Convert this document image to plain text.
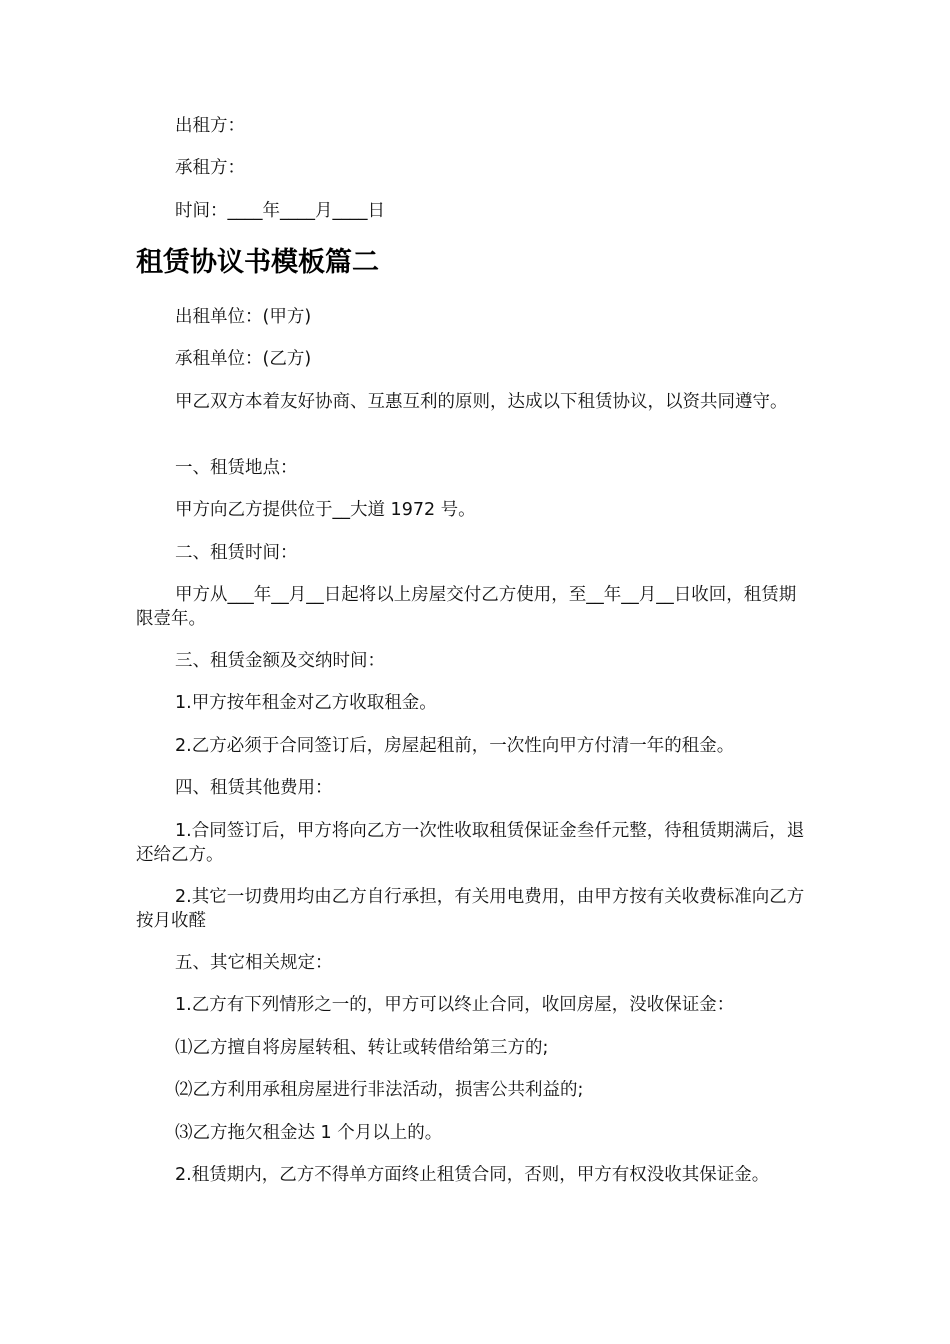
出租方：
承租方：
时间：____年____月____日
租赁协议书模板篇二
出租单位：(甲方)
承租单位：(乙方)
甲乙双方本着友好协商、互惠互利的原则，达成以下租赁协议，以资共同遵守。
一、租赁地点：
甲方向乙方提供位于__大道 1972 号。
二、租赁时间：
甲方从___年__月__日起将以上房屋交付乙方使用，至__年__月__日收回，租赁期限壹年。
三、租赁金额及交纳时间：
1.甲方按年租金对乙方收取租金。
2.乙方必须于合同签订后，房屋起租前，一次性向甲方付清一年的租金。
四、租赁其他费用：
1.合同签订后，甲方将向乙方一次性收取租赁保证金叁仟元整，待租赁期满后，退还给乙方。
2.其它一切费用均由乙方自行承担，有关用电费用，由甲方按有关收费标准向乙方按月收醛
五、其它相关规定：
1.乙方有下列情形之一的，甲方可以终止合同，收回房屋，没收保证金：
⑴乙方擅自将房屋转租、转让或转借给第三方的;
⑵乙方利用承租房屋进行非法活动，损害公共利益的;
⑶乙方拖欠租金达 1 个月以上的。
2.租赁期内，乙方不得单方面终止租赁合同，否则，甲方有权没收其保证金。
